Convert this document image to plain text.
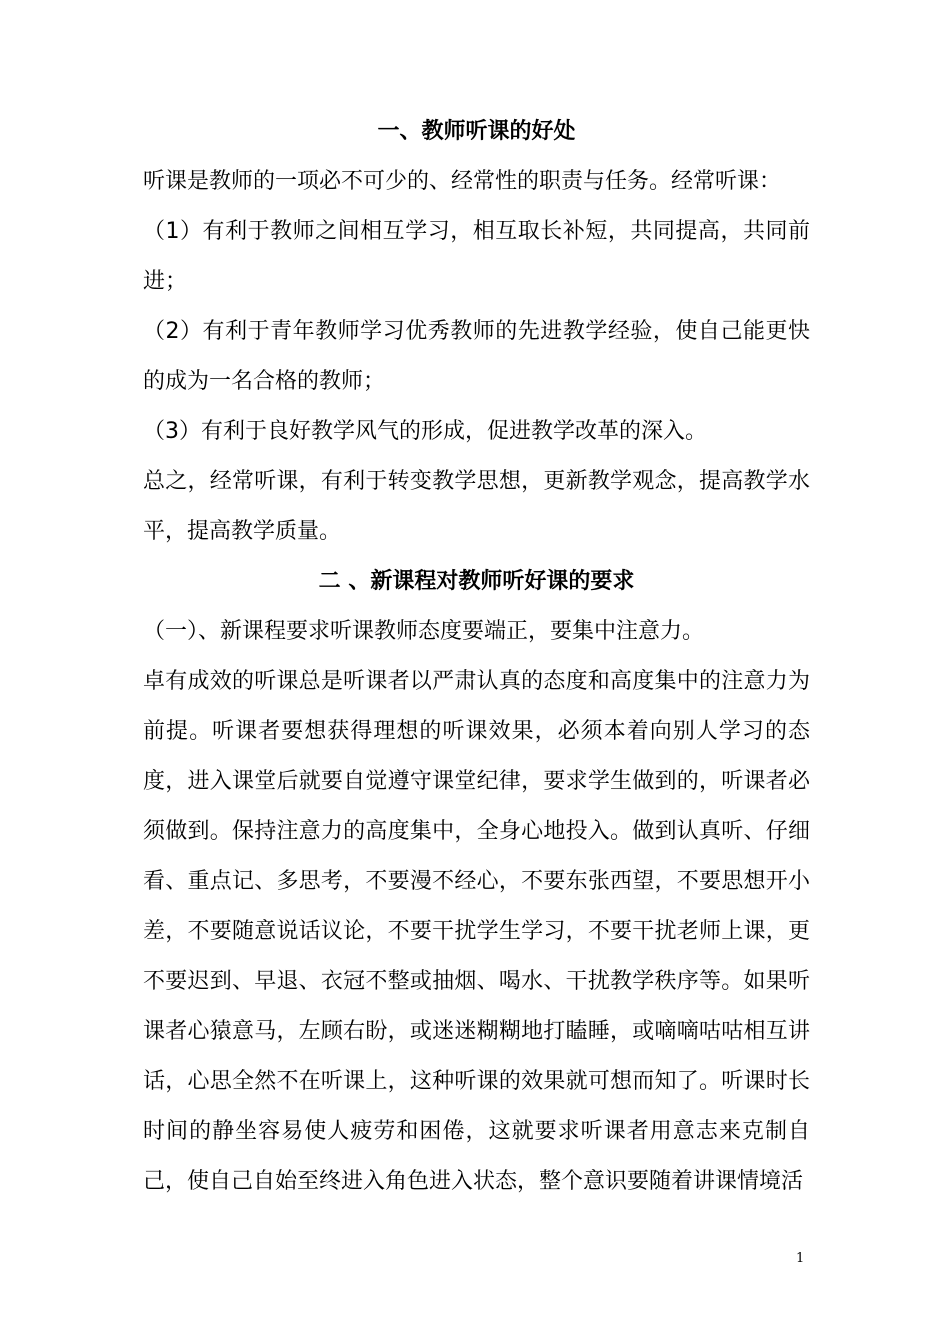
一、教师听课的好处

听课是教师的一项必不可少的、经常性的职责与任务。经常听课：

（1）有利于教师之间相互学习，相互取长补短，共同提高，共同前进；

（2）有利于青年教师学习优秀教师的先进教学经验，使自己能更快的成为一名合格的教师；

（3）有利于良好教学风气的形成，促进教学改革的深入。

总之，经常听课，有利于转变教学思想，更新教学观念，提高教学水平，提高教学质量。

二 、新课程对教师听好课的要求

（一）、新课程要求听课教师态度要端正，要集中注意力。

卓有成效的听课总是听课者以严肃认真的态度和高度集中的注意力为前提。听课者要想获得理想的听课效果，必须本着向别人学习的态度，进入课堂后就要自觉遵守课堂纪律，要求学生做到的，听课者必须做到。保持注意力的高度集中，全身心地投入。做到认真听、仔细看、重点记、多思考，不要漫不经心，不要东张西望，不要思想开小差，不要随意说话议论，不要干扰学生学习，不要干扰老师上课，更不要迟到、早退、衣冠不整或抽烟、喝水、干扰教学秩序等。如果听课者心猿意马，左顾右盼，或迷迷糊糊地打瞌睡，或嘀嘀咕咕相互讲话，心思全然不在听课上，这种听课的效果就可想而知了。听课时长时间的静坐容易使人疲劳和困倦，这就要求听课者用意志来克制自己，使自己自始至终进入角色进入状态，整个意识要随着讲课情境活

1
